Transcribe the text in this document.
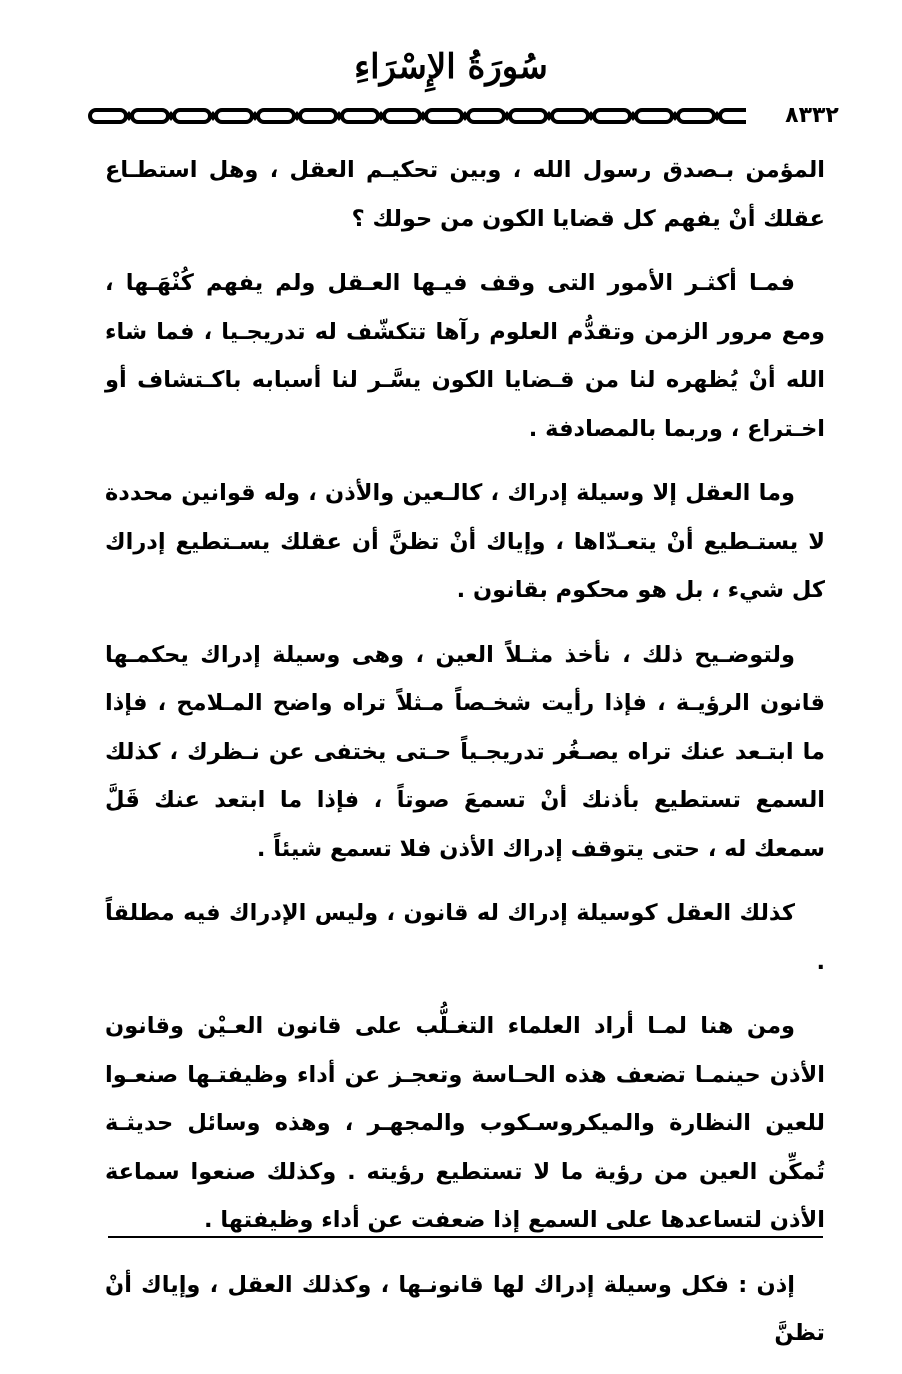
سُورَةُ الإِسْرَاءِ
٨٣٣٢

المؤمن بـصدق رسول الله ، وبين تحكيـم العقل ، وهل استطـاع عقلك أنْ يفهم كل قضايا الكون من حولك ؟

فمـا أكثـر الأمور التى وقف فيـها العـقل ولم يفهم كُنْهَـها ، ومع مرور الزمن وتقدُّم العلوم رآها تتكشّف له تدريجـيا ، فما شاء الله أنْ يُظهره لنا من قـضايا الكون يسَّـر لنا أسبابه باكـتشاف أو اخـتراع ، وربما بالمصادفة .

وما العقل إلا وسيلة إدراك ، كالـعين والأذن ، وله قوانين محددة لا يستـطيع أنْ يتعـدّاها ، وإياك أنْ تظنَّ أن عقلك يسـتطيع إدراك كل شيء ، بل هو محكوم بقانون .

ولتوضـيح ذلك ، نأخذ مثـلاً العين ، وهى وسيلة إدراك يحكمـها قانون الرؤيـة ، فإذا رأيت شخـصاً مـثلاً تراه واضح المـلامح ، فإذا ما ابتـعد عنك تراه يصـغُر تدريجـياً حـتى يختفى عن نـظرك ، كذلك السمع تستطيع بأذنك أنْ تسمعَ صوتاً ، فإذا ما ابتعد عنك قَلَّ سمعك له ، حتى يتوقف إدراك الأذن فلا تسمع شيئاً .

كذلك العقل كوسيلة إدراك له قانون ، وليس الإدراك فيه مطلقاً .

ومن هنا لمـا أراد العلماء التغـلُّب على قانون العـيْن وقانون الأذن حينمـا تضعف هذه الحـاسة وتعجـز عن أداء وظيفتـها صنعـوا للعين النظارة والميكروسـكوب والمجهـر ، وهذه وسائل حديثـة تُمكِّن العين من رؤية ما لا تستطيع رؤيته . وكذلك صنعوا سماعة الأذن لتساعدها على السمع إذا ضعفت عن أداء وظيفتها .

إذن : فكل وسيلة إدراك لها قانونـها ، وكذلك العقل ، وإياك أنْ تظنَّ
